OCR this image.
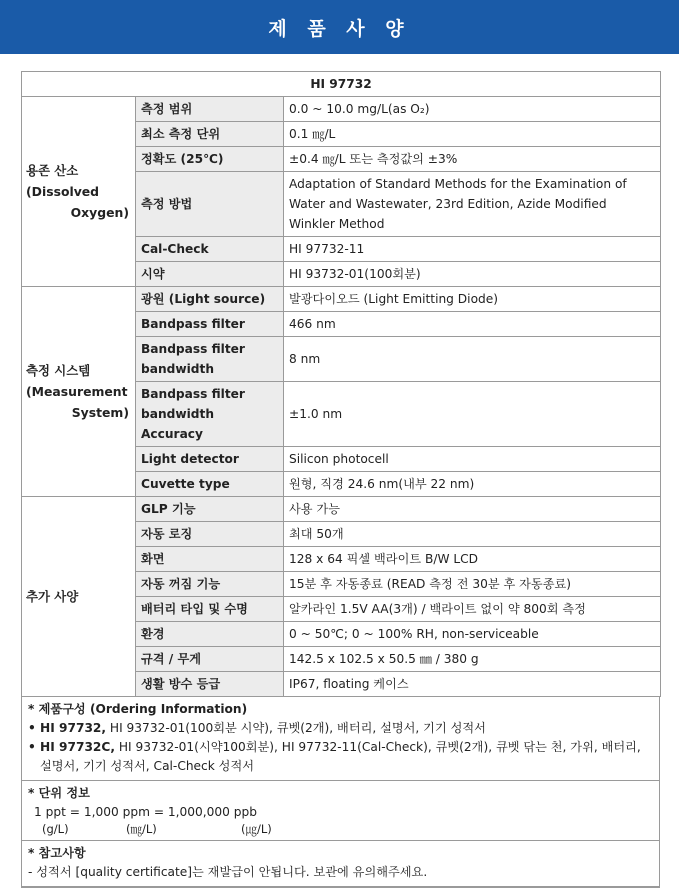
제 품 사 양
HI 97732		

용존 산소
(Dissolved
Oxygen)	측정 범위	0.0 ~ 10.0 mg/L(as O₂)
	최소 측정 단위	0.1 ㎎/L
	정확도 (25℃)	±0.4 ㎎/L 또는 측정값의 ±3%
	측정 방법	Adaptation of Standard Methods for the Examination of Water and Wastewater, 23rd Edition, Azide Modified Winkler Method
	Cal-Check	HI 97732-11
	시약	HI 93732-01(100회분)

측정 시스템
(Measurement
System)	광원 (Light source)	발광다이오드 (Light Emitting Diode)
	Bandpass filter	466 nm
	Bandpass filter bandwidth	8 nm
	Bandpass filter bandwidth Accuracy	±1.0 nm
	Light detector	Silicon photocell
	Cuvette type	원형, 직경 24.6 nm(내부 22 nm)

추가 사양	GLP 기능	사용 가능
	자동 로징	최대 50개
	화면	128 x 64 픽셀 백라이트 B/W LCD
	자동 꺼짐 기능	15분 후 자동종료 (READ 측정 전 30분 후 자동종료)
	배터리 타입 및 수명	알카라인 1.5V AA(3개) / 백라이트 없이 약 800회 측정
	환경	0 ~ 50℃; 0 ~ 100% RH, non-serviceable
	규격 / 무게	142.5 x 102.5 x 50.5 ㎜ / 380 g
	생활 방수 등급	IP67, floating 케이스
* 제품구성 (Ordering Information)
• HI 97732, HI 93732-01(100회분 시약), 큐벳(2개), 배터리, 설명서, 기기 성적서
• HI 97732C, HI 93732-01(시약100회분), HI 97732-11(Cal-Check), 큐벳(2개), 큐벳 닦는 천, 가위, 배터리,
설명서, 기기 성적서, Cal-Check 성적서
* 단위 정보
1 ppt = 1,000 ppm = 1,000,000 ppb
(g/L)	(㎎/L)	(㎍/L)
* 참고사항
- 성적서 [quality certificate]는 재발급이 안됩니다. 보관에 유의해주세요.
